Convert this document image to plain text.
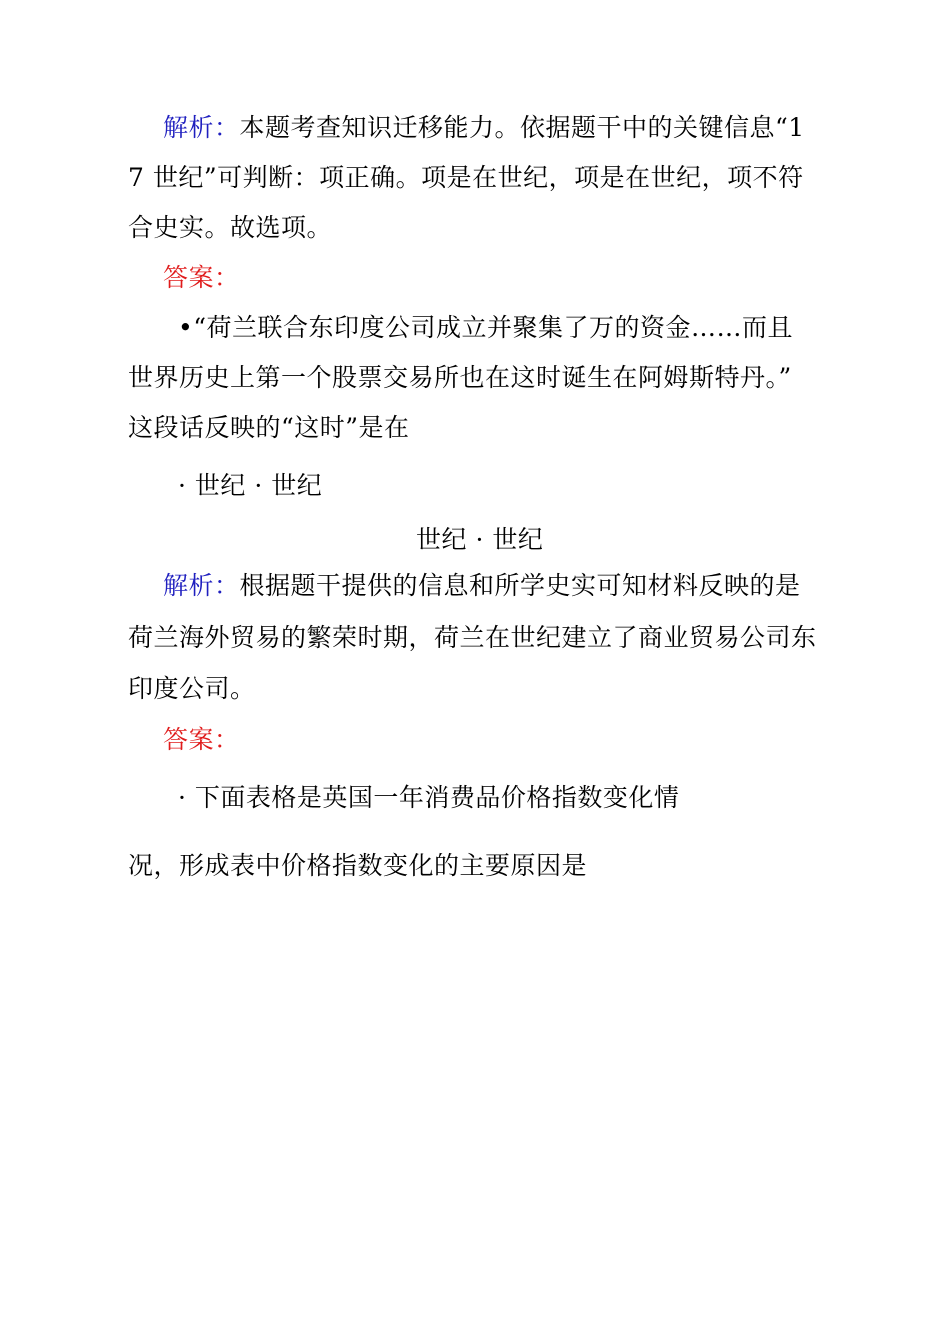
解析：本题考查知识迁移能力。依据题干中的关键信息“1
7 世纪”可判断：项正确。项是在世纪，项是在世纪，项不符
合史实。故选项。
答案：
•“荷兰联合东印度公司成立并聚集了万的资金……而且
世界历史上第一个股票交易所也在这时诞生在阿姆斯特丹。”
这段话反映的“这时”是在
· 世纪 · 世纪
世纪 · 世纪
解析：根据题干提供的信息和所学史实可知材料反映的是
荷兰海外贸易的繁荣时期，荷兰在世纪建立了商业贸易公司东
印度公司。
答案：
· 下面表格是英国一年消费品价格指数变化情
况，形成表中价格指数变化的主要原因是
